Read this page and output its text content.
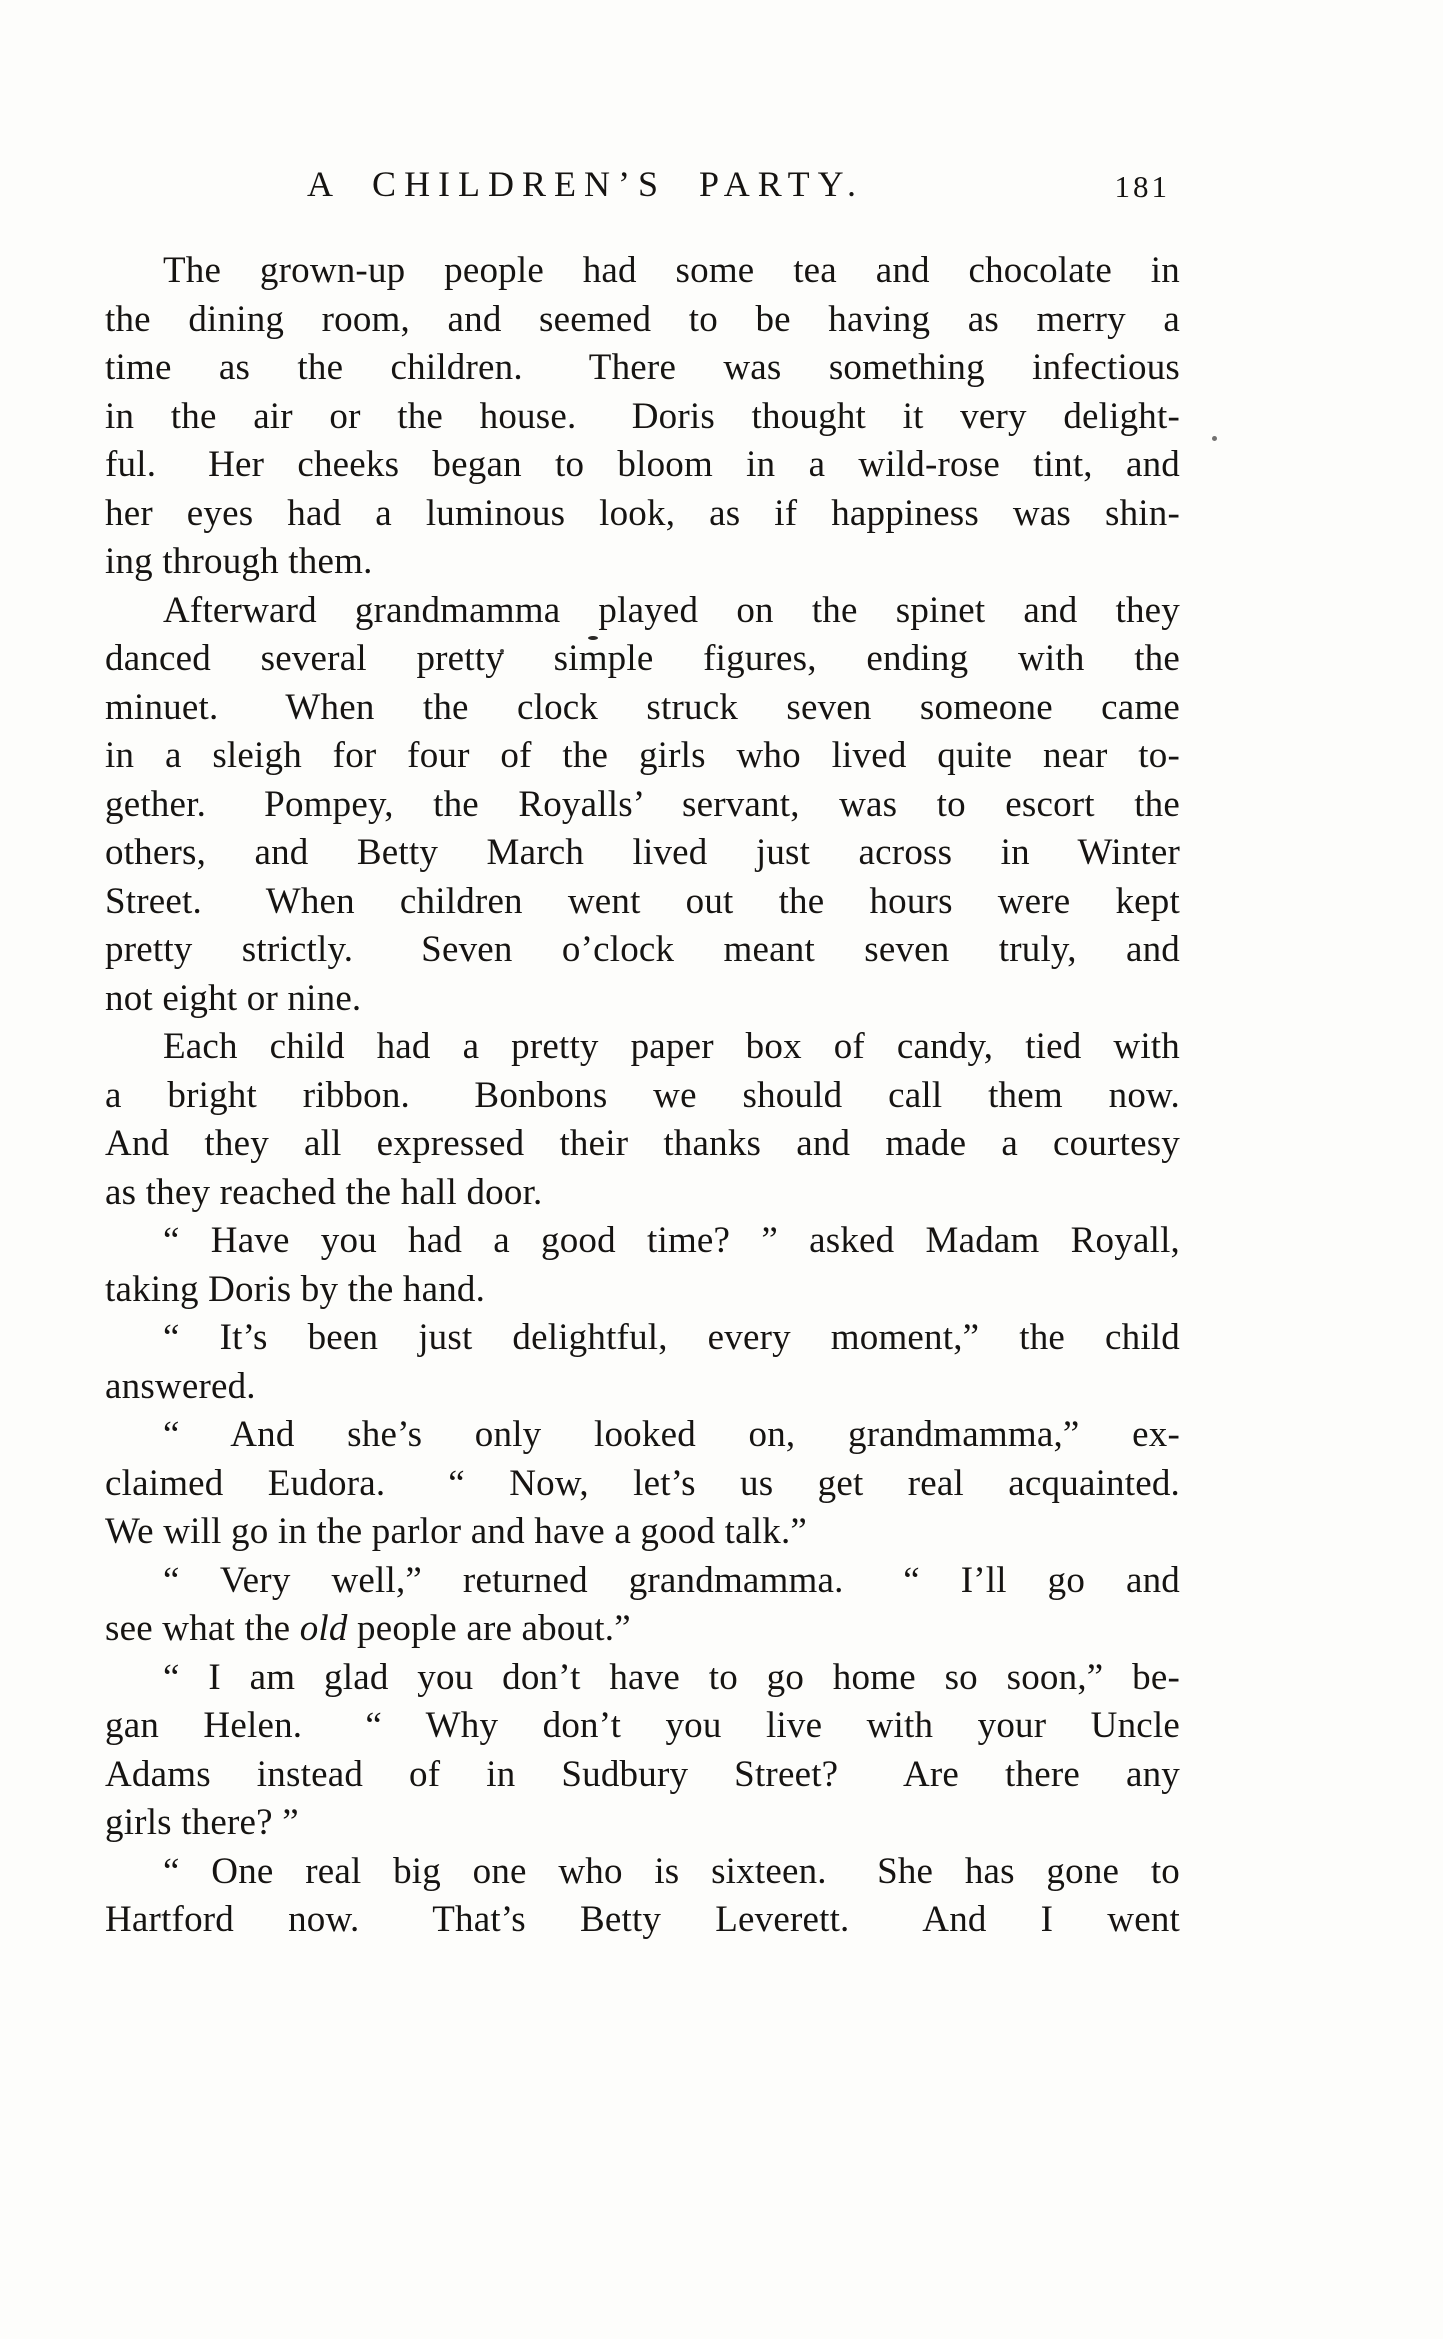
A CHILDREN’S PARTY.	181
The grown-up people had some tea and chocolate in
the dining room, and seemed to be having as merry a
time as the children.  There was something infectious
in the air or the house.  Doris thought it very delight-
ful.  Her cheeks began to bloom in a wild-rose tint, and
her eyes had a luminous look, as if happiness was shin-
ing through them.
Afterward grandmamma played on the spinet and they
danced several pretty simple figures, ending with the
minuet.  When the clock struck seven someone came
in a sleigh for four of the girls who lived quite near to-
gether.  Pompey, the Royalls’ servant, was to escort the
others, and Betty March lived just across in Winter
Street.  When children went out the hours were kept
pretty strictly.  Seven o’clock meant seven truly, and
not eight or nine.
Each child had a pretty paper box of candy, tied with
a bright ribbon.  Bonbons we should call them now.
And they all expressed their thanks and made a courtesy
as they reached the hall door.
“ Have you had a good time? ” asked Madam Royall,
taking Doris by the hand.
“ It’s been just delightful, every moment,” the child
answered.
“ And she’s only looked on, grandmamma,” ex-
claimed Eudora.  “ Now, let’s us get real acquainted.
We will go in the parlor and have a good talk.”
“ Very well,” returned grandmamma.  “ I’ll go and
see what the old people are about.”
“ I am glad you don’t have to go home so soon,” be-
gan Helen.  “ Why don’t you live with your Uncle
Adams instead of in Sudbury Street?  Are there any
girls there? ”
“ One real big one who is sixteen.  She has gone to
Hartford now.  That’s Betty Leverett.  And I went
